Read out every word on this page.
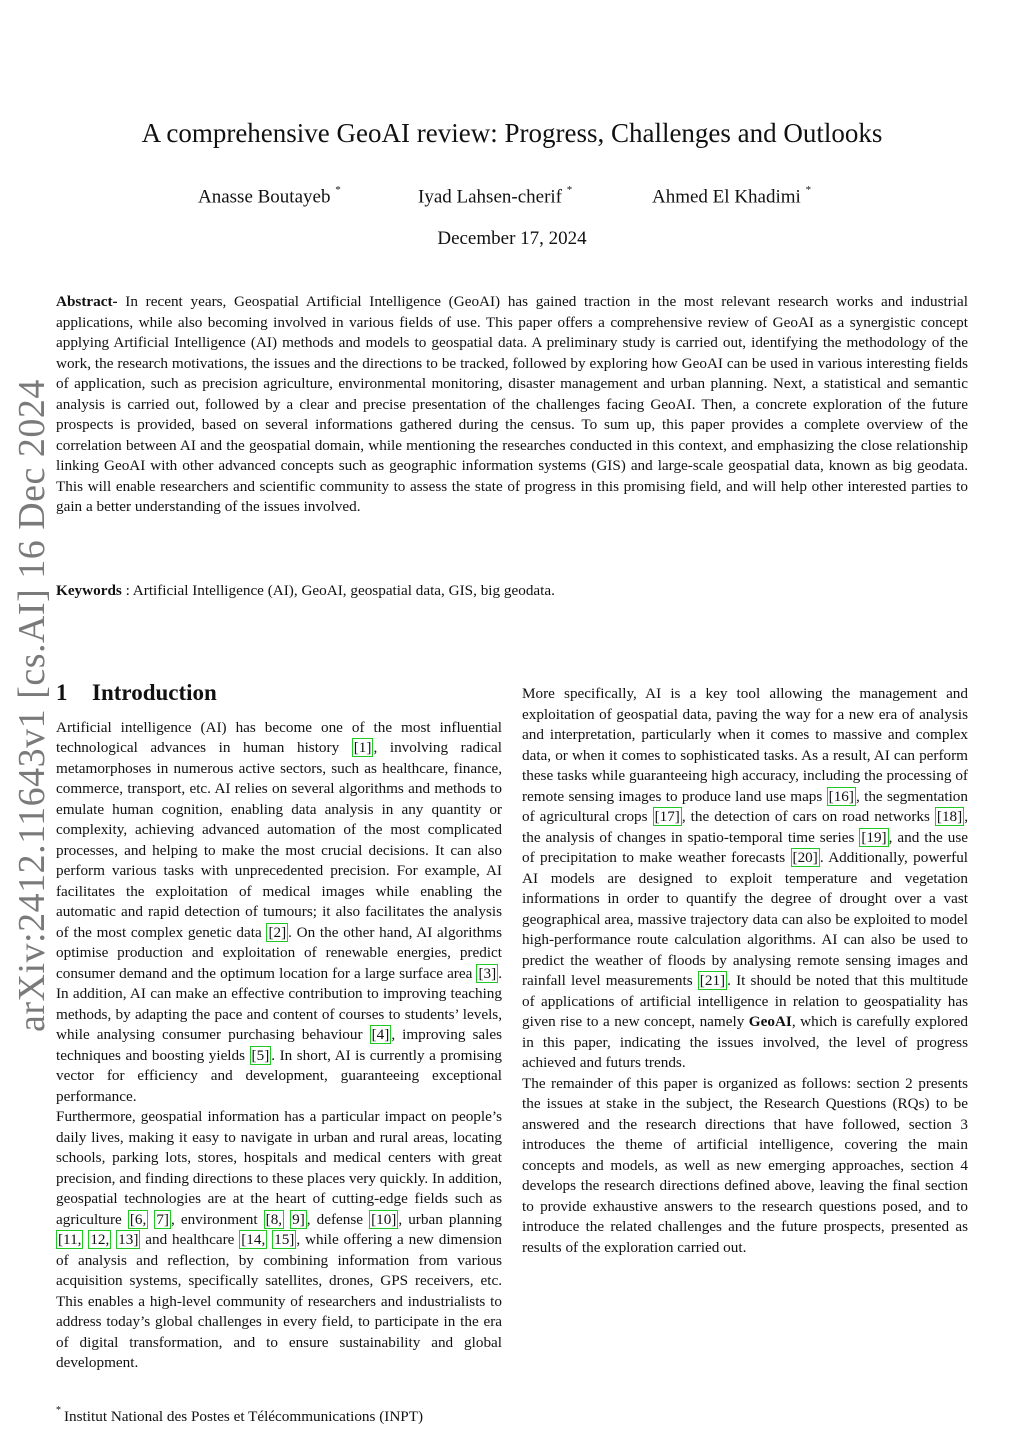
arXiv:2412.11643v1 [cs.AI] 16 Dec 2024
A comprehensive GeoAI review: Progress, Challenges and Outlooks
Anasse Boutayeb *	Iyad Lahsen-cherif *	Ahmed El Khadimi *
December 17, 2024
Abstract- In recent years, Geospatial Artificial Intelligence (GeoAI) has gained traction in the most relevant research works and industrial applications, while also becoming involved in various fields of use. This paper offers a comprehensive review of GeoAI as a synergistic concept applying Artificial Intelligence (AI) methods and models to geospatial data. A preliminary study is carried out, identifying the methodology of the work, the research motivations, the issues and the directions to be tracked, followed by exploring how GeoAI can be used in various interesting fields of application, such as precision agriculture, environmental monitoring, disaster management and urban planning. Next, a statistical and semantic analysis is carried out, followed by a clear and precise presentation of the challenges facing GeoAI. Then, a concrete exploration of the future prospects is provided, based on several informations gathered during the census. To sum up, this paper provides a complete overview of the correlation between AI and the geospatial domain, while mentioning the researches conducted in this context, and emphasizing the close relationship linking GeoAI with other advanced concepts such as geographic information systems (GIS) and large-scale geospatial data, known as big geodata. This will enable researchers and scientific community to assess the state of progress in this promising field, and will help other interested parties to gain a better understanding of the issues involved.
Keywords : Artificial Intelligence (AI), GeoAI, geospatial data, GIS, big geodata.
1 Introduction

Artificial intelligence (AI) has become one of the most influential technological advances in human history [1] , involving radical metamorphoses in numerous active sectors, such as healthcare, finance, commerce, transport, etc. AI relies on several algorithms and methods to emulate human cognition, enabling data analysis in any quantity or complexity, achieving advanced automation of the most complicated processes, and helping to make the most crucial decisions. It can also perform various tasks with unprecedented precision. For example, AI facilitates the exploitation of medical images while enabling the automatic and rapid detection of tumours; it also facilitates the analysis of the most complex genetic data [2] . On the other hand, AI algorithms optimise production and exploitation of renewable energies, predict consumer demand and the optimum location for a large surface area [3] . In addition, AI can make an effective contribution to improving teaching methods, by adapting the pace and content of courses to students’ levels, while analysing consumer purchasing behaviour [4] , improving sales techniques and boosting yields [5] . In short, AI is currently a promising vector for efficiency and development, guaranteeing exceptional performance.

Furthermore, geospatial information has a particular impact on people’s daily lives, making it easy to navigate in urban and rural areas, locating schools, parking lots, stores, hospitals and medical centers with great precision, and finding directions to these places very quickly. In addition, geospatial technologies are at the heart of cutting-edge fields such as agriculture [6, 7] , environment [8, 9] , defense [10] , urban planning [11, 12, 13] and healthcare [14, 15] , while offering a new dimension of analysis and reflection, by combining information from various acquisition systems, specifically satellites, drones, GPS receivers, etc. This enables a high-level community of researchers and industrialists to address today’s global challenges in every field, to participate in the era of digital transformation, and to ensure sustainability and global development.

More specifically, AI is a key tool allowing the management and exploitation of geospatial data, paving the way for a new era of analysis and interpretation, particularly when it comes to massive and complex data, or when it comes to sophisticated tasks. As a result, AI can perform these tasks while guaranteeing high accuracy, including the processing of remote sensing images to produce land use maps [16] , the segmentation of agricultural crops [17] , the detection of cars on road networks [18] , the analysis of changes in spatio-temporal time series [19] , and the use of precipitation to make weather forecasts [20] . Additionally, powerful AI models are designed to exploit temperature and vegetation informations in order to quantify the degree of drought over a vast geographical area, massive trajectory data can also be exploited to model high-performance route calculation algorithms. AI can also be used to predict the weather of floods by analysing remote sensing images and rainfall level measurements [21] . It should be noted that this multitude of applications of artificial intelligence in relation to geospatiality has given rise to a new concept, namely GeoAI, which is carefully explored in this paper, indicating the issues involved, the level of progress achieved and futurs trends.

The remainder of this paper is organized as follows: section 2 presents the issues at stake in the subject, the Research Questions (RQs) to be answered and the research directions that have followed, section 3 introduces the theme of artificial intelligence, covering the main concepts and models, as well as new emerging approaches, section 4 develops the research directions defined above, leaving the final section to provide exhaustive answers to the research questions posed, and to introduce the related challenges and the future prospects, presented as results of the exploration carried out.

* Institut National des Postes et Télécommunications (INPT)
